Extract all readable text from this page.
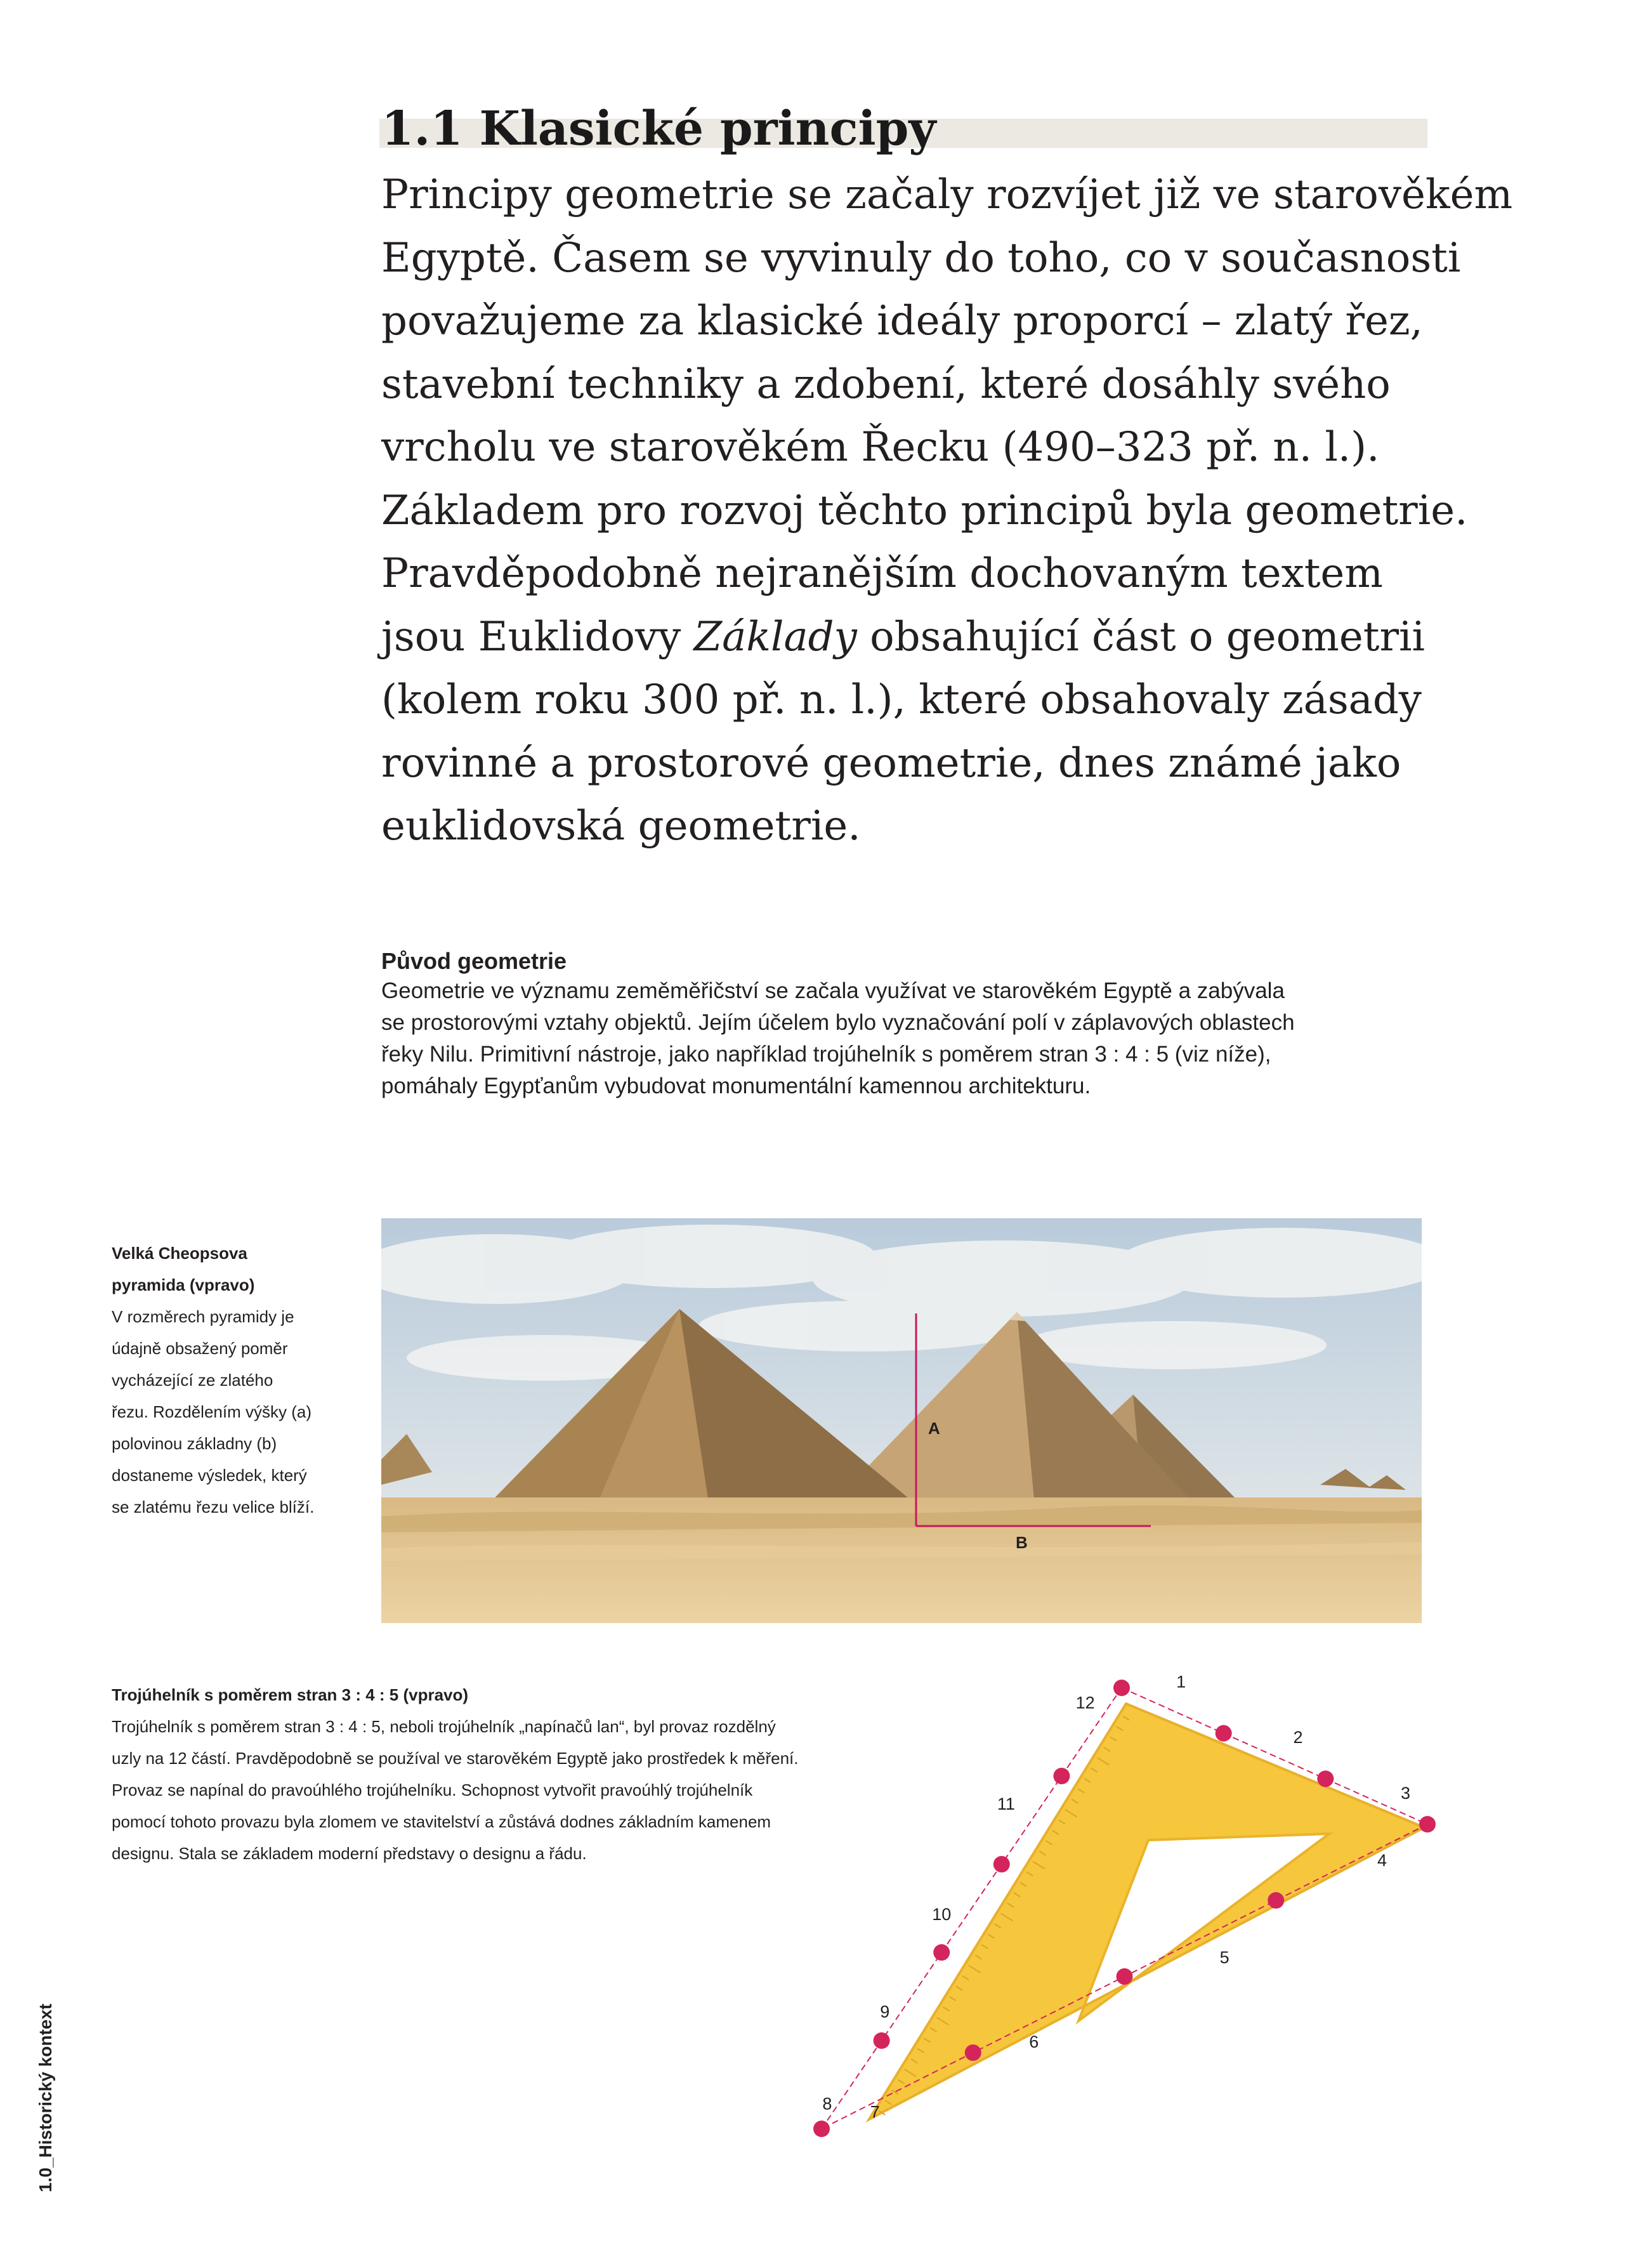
1.1 Klasické principy
Principy geometrie se začaly rozvíjet již ve starověkém
Egyptě. Časem se vyvinuly do toho, co v současnosti
považujeme za klasické ideály proporcí – zlatý řez,
stavební techniky a zdobení, které dosáhly svého
vrcholu ve starověkém Řecku (490–323 př. n. l.).
Základem pro rozvoj těchto principů byla geometrie.
Pravděpodobně nejranějším dochovaným textem
jsou Euklidovy Základy obsahující část o geometrii
(kolem roku 300 př. n. l.), které obsahovaly zásady
rovinné a prostorové geometrie, dnes známé jako
euklidovská geometrie.
Původ geometrie
Geometrie ve významu zeměměřičství se začala využívat ve starověkém Egyptě a zabývala
se prostorovými vztahy objektů. Jejím účelem bylo vyznačování polí v záplavových oblastech
řeky Nilu. Primitivní nástroje, jako například trojúhelník s poměrem stran 3 : 4 : 5 (viz níže),
pomáhaly Egypťanům vybudovat monumentální kamennou architekturu.
Velká Cheopsova
pyramida (vpravo)
V rozměrech pyramidy je
údajně obsažený poměr
vycházející ze zlatého
řezu. Rozdělením výšky (a)
polovinou základny (b)
dostaneme výsledek, který
se zlatému řezu velice blíží.
A
B
Trojúhelník s poměrem stran 3 : 4 : 5 (vpravo)
Trojúhelník s poměrem stran 3 : 4 : 5, neboli trojúhelník „napínačů lan“, byl provaz rozdělný
uzly na 12 částí. Pravděpodobně se používal ve starověkém Egyptě jako prostředek k měření.
Provaz se napínal do pravoúhlého trojúhelníku. Schopnost vytvořit pravoúhlý trojúhelník
pomocí tohoto provazu byla zlomem ve stavitelství a zůstává dodnes základním kamenem
designu. Stala se základem moderní představy o designu a řádu.
1
2
3
4
5
6
7
8
9
10
11
12
1.0_Historický kontext
